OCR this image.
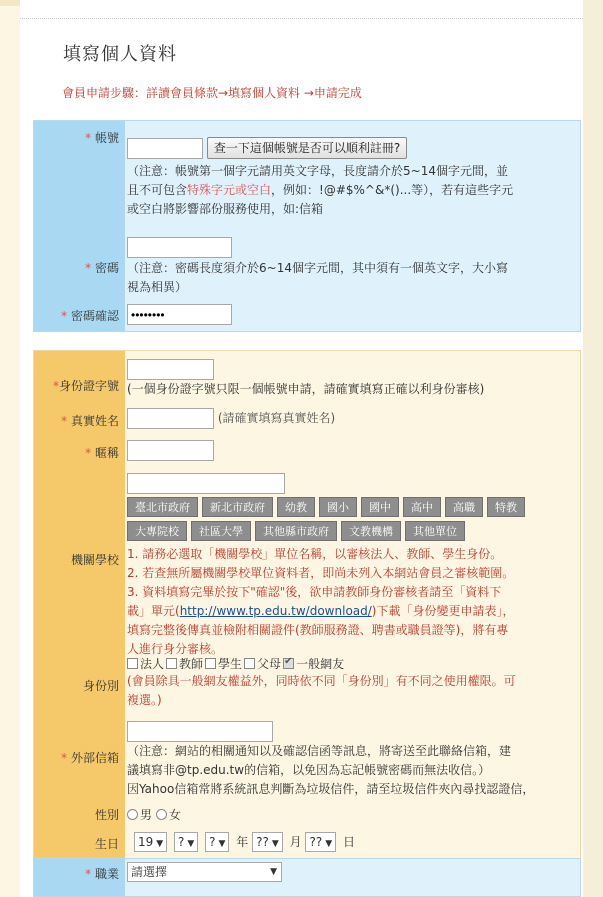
填寫個人資料
會員申請步驟：詳讀會員條款→填寫個人資料 →申請完成
* 帳號
查一下這個帳號是否可以順利註冊?
（注意：帳號第一個字元請用英文字母，長度請介於5~14個字元間，並
且不可包含特殊字元或空白，例如：!@#$%^&*()...等），若有這些字元
或空白將影響部份服務使用，如:信箱
* 密碼 （注意：密碼長度須介於6~14個字元間，其中須有一個英文字，大小寫
視為相異）
* 密碼確認
••••••••
*身份證字號 (一個身份證字號只限一個帳號申請，請確實填寫正確以利身份審核)
* 真實姓名	(請確實填寫真實姓名)
* 暱稱
機關學校
臺北市政府 新北市政府 幼教 國小 國中 高中 高職 特教大專院校 社區大學 其他縣市政府 文教機構 其他單位
1. 請務必選取「機關學校」單位名稱，以審核法人、教師、學生身份。
2. 若查無所屬機關學校單位資料者，即尚未列入本網站會員之審核範圍。
3. 資料填寫完畢於按下"確認"後，欲申請教師身份審核者請至「資料下
載」單元(http://www.tp.edu.tw/download/)下載「身份變更申請表」，
填寫完整後傳真並檢附相關證件(教師服務證、聘書或職員證等)，將有專
人進行身分審核。
身份別
法人 教師 學生 父母✔ 一般網友
(會員除具一般網友權益外，同時依不同「身份別」有不同之使用權限。可
複選。)
* 外部信箱 （注意：網站的相關通知以及確認信函等訊息，將寄送至此聯絡信箱，建
議填寫非@tp.edu.tw的信箱，以免因為忘記帳號密碼而無法收信。）
因Yahoo信箱常將系統訊息判斷為垃圾信件，請至垃圾信件夾內尋找認證信，
性別	男 女
生日	19 ▼ ? ▼ ? ▼ 年 ?? ▼ 月 ?? ▼ 日
* 職業	請選擇	▼
